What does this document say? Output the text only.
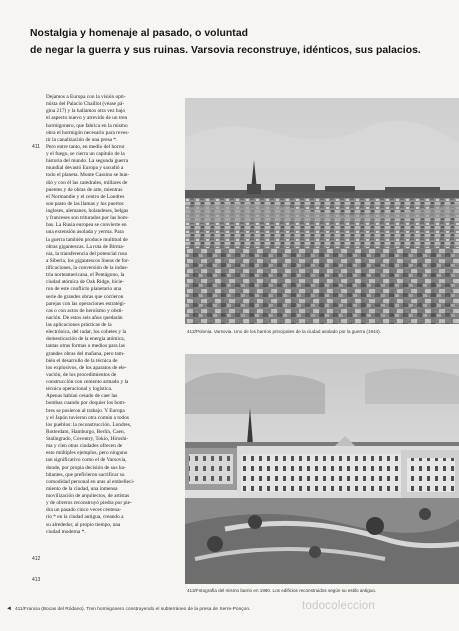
Nostalgia y homenaje al pasado, o voluntad
de negar la guerra y sus ruinas. Varsovia reconstruye, idénticos, sus palacios.

Dejamos a Europa con la visión opti-

mista del Palacio Chaillot (véase pá-

gina 217) y la hallamos otra vez bajo

el aspecto nuevo y atrevido de un tren

hormigonero, que fabrica en la mismo

obra el hormigón necesario para reves-

tir la canalización de una presa *.

Pero entre tanto, en medio del horror

y el fuego, se cierra un capítulo de la

historia del mundo. La segunda guerra

mundial devastó Europa y sacudió a

todo el planeta. Monte Cassino se hun-

dió y con él las catedrales, millares de

puentes y de obras de arte, mientras

el Normandie y el centro de Londres

son pasto de las llamas y los puertos

ingleses, alemanes, holandeses, belgas

y franceses son triturados por las bom-

bas. La Rusia europea se convierte en

una extensión asolada y yerma. Para

la guerra también produce multitud de

obras gigantescas. La ruta de Birma-

nia, la transferencia del potencial ruso

a Siberia, los gigantescos líneas de for-

tificaciones, la conversión de la indus-

tria norteamericana, el Pentágono, la

ciudad atómica de Oak Ridge, hicie-

ron de este conflicto planetario una

serie de grandes obras que corrieron

parejas con las operaciones estratégi-

cas o con actos de heroísmo y obsti-

nación. De estos seis años quedarán

las aplicaciones prácticas de la

electrónica, del radar, los cohetes y la

domesticación de la energía atómica,

tantas otras formas o medios para las

grandes obras del mañana, pero tam-

bién el desarrollo de la técnica de

los explosivos, de los aparatos de ele-

vación, de los procedimientos de

construcción con cemento armado y la

técnica operacional y logística.

Apenas habían cesado de caer las

bombas cuando por doquier los hom-

bres se pusieron al trabajo. Y Europa

y el Japón tuvieron otra común a todos

los pueblos: la reconstrucción. Londres,

Rotterdam, Hamburgo, Berlín, Caen,

Stalingrado, Coventry, Tokio, Hiroshi-

ma y cien otras ciudades ofrecen de

esto múltiples ejemplos, pero ninguno

tan significativo como el de Varsovia,

donde, por propia decisión de sus ha-

bitantes, que prefirieron sacrificar su

comodidad personal en aras al embelleci-

miento de la ciudad, una inmensa

movilización de arquitectos, de artistas

y de obreros reconstruyó piedra por pie-

dra un pasado cinco veces centena-

rio * en la ciudad antigua, creando a

su alrededor, al propio tiempo, una

ciudad moderna *.

411
412
413
412/Polonia. Varsovia. Uno de los barrios principales de la ciudad asolado por la guerra (1944).
413/Fotografía del mismo barrio en 1960. Los edificios reconstruidos según su estilo antiguo.
◄ 411/Francia (Bocas del Ródano). Tren hormigonero construyendo el subterráneo de la presa de Serre-Ponçon.	todocoleccion
